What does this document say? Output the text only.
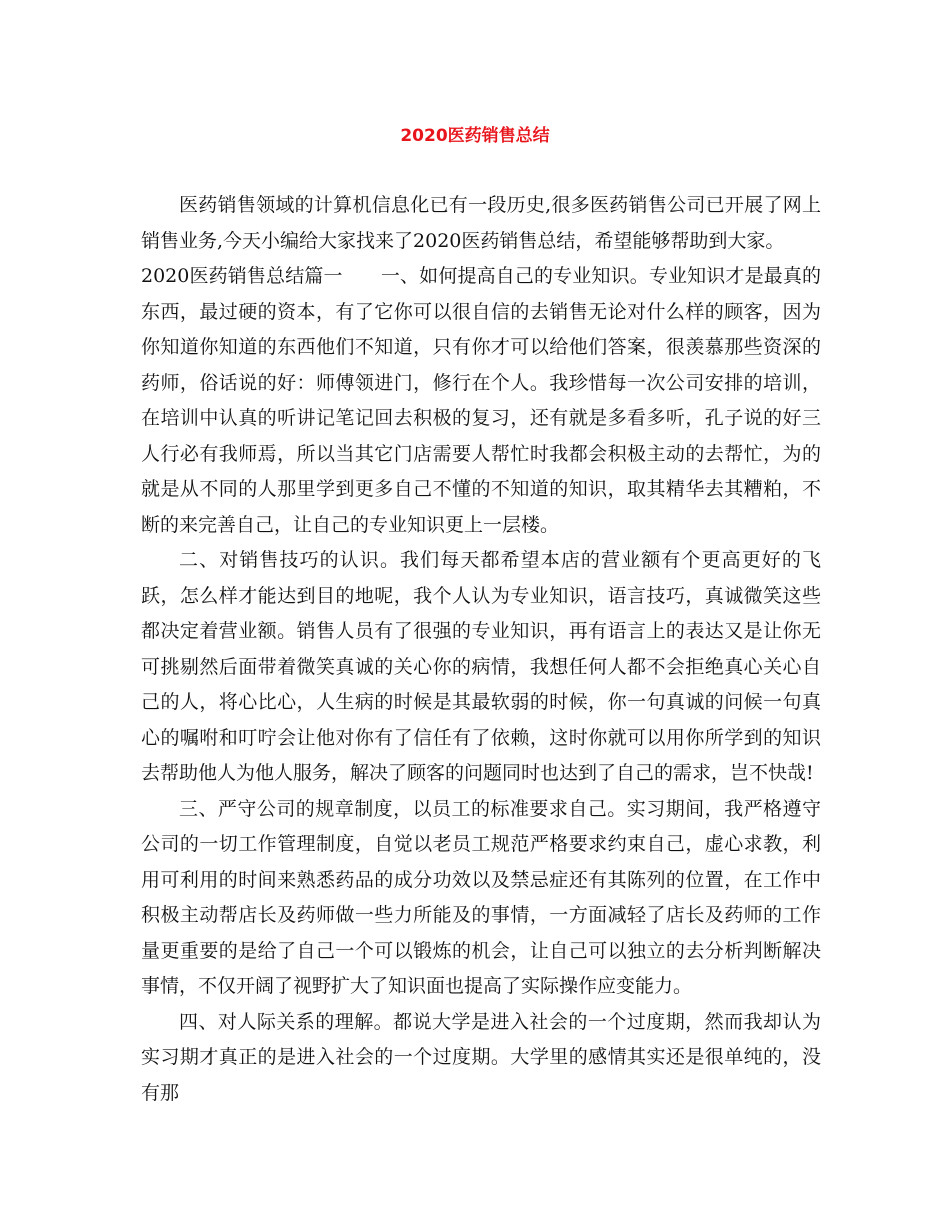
2020医药销售总结

医药销售领域的计算机信息化已有一段历史,很多医药销售公司已开展了网上销售业务,今天小编给大家找来了2020医药销售总结，希望能够帮助到大家。

2020医药销售总结篇一　　一、如何提高自己的专业知识。专业知识才是最真的东西，最过硬的资本，有了它你可以很自信的去销售无论对什么样的顾客，因为你知道你知道的东西他们不知道，只有你才可以给他们答案，很羡慕那些资深的药师，俗话说的好：师傅领进门，修行在个人。我珍惜每一次公司安排的培训，在培训中认真的听讲记笔记回去积极的复习，还有就是多看多听，孔子说的好三人行必有我师焉，所以当其它门店需要人帮忙时我都会积极主动的去帮忙，为的就是从不同的人那里学到更多自己不懂的不知道的知识，取其精华去其糟粕，不断的来完善自己，让自己的专业知识更上一层楼。

二、对销售技巧的认识。我们每天都希望本店的营业额有个更高更好的飞跃，怎么样才能达到目的地呢，我个人认为专业知识，语言技巧，真诚微笑这些都决定着营业额。销售人员有了很强的专业知识，再有语言上的表达又是让你无可挑剔然后面带着微笑真诚的关心你的病情，我想任何人都不会拒绝真心关心自己的人，将心比心，人生病的时候是其最软弱的时候，你一句真诚的问候一句真心的嘱咐和叮咛会让他对你有了信任有了依赖，这时你就可以用你所学到的知识去帮助他人为他人服务，解决了顾客的问题同时也达到了自己的需求，岂不快哉!

三、严守公司的规章制度，以员工的标准要求自己。实习期间，我严格遵守公司的一切工作管理制度，自觉以老员工规范严格要求约束自己，虚心求教，利用可利用的时间来熟悉药品的成分功效以及禁忌症还有其陈列的位置，在工作中积极主动帮店长及药师做一些力所能及的事情，一方面减轻了店长及药师的工作量更重要的是给了自己一个可以锻炼的机会，让自己可以独立的去分析判断解决事情，不仅开阔了视野扩大了知识面也提高了实际操作应变能力。

四、对人际关系的理解。都说大学是进入社会的一个过度期，然而我却认为实习期才真正的是进入社会的一个过度期。大学里的感情其实还是很单纯的，没有那
